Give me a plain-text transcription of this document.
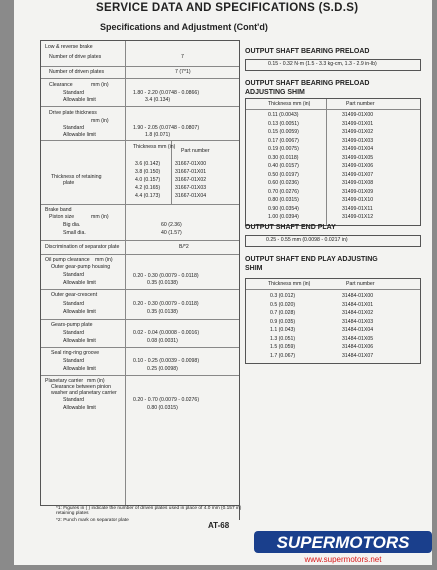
SERVICE DATA AND SPECIFICATIONS (S.D.S)
Specifications and Adjustment (Cont'd)
Low & reverse brake
Number of drive plates	7
Number of driven plates	7 (7*1)
Clearance	mm (in)
Standard	1.80 - 2.20 (0.0748 - 0.0866)
Allowable limit	3.4 (0.134)
Drive plate thickness
mm (in)
Standard	1.90 - 2.05 (0.0748 - 0.0807)
Allowable limit	1.8 (0.071)
Thickness mm (in)
Part number
Thickness of retaining
plate
3.6 (0.142)	31667-01X00
3.8 (0.150)	31667-01X01
4.0 (0.157)	31667-01X02
4.2 (0.165)	31667-01X03
4.4 (0.173)	31667-01X04
Brake band
Piston size	mm (in)
Big dia.	60 (2.36)
Small dia.	40 (1.57)
Discrimination of separator plate	B/*2
Oil pump clearance mm (in)
Outer gear-pump housing
Standard	0.20 - 0.30 (0.0079 - 0.0118)
Allowable limit	0.35 (0.0138)
Outer gear-crescent
Standard	0.20 - 0.30 (0.0079 - 0.0118)
Allowable limit	0.35 (0.0138)
Gears-pump plate
Standard	0.02 - 0.04 (0.0008 - 0.0016)
Allowable limit	0.08 (0.0031)
Seal ring-ring groove
Standard	0.10 - 0.25 (0.0039 - 0.0098)
Allowable limit	0.25 (0.0098)
Planetary carrier mm (in)
Clearance between pinion
washer and planetary carrier
Standard	0.20 - 0.70 (0.0079 - 0.0276)
Allowable limit	0.80 (0.0315)
OUTPUT SHAFT BEARING PRELOAD
0.15 - 0.32 N·m (1.5 - 3.3 kg-cm, 1.3 - 2.9 in-lb)
OUTPUT SHAFT BEARING PRELOAD
ADJUSTING SHIM
Thickness mm (in)	Part number
0.11 (0.0043)	31499-01X00
0.13 (0.0051)	31499-01X01
0.15 (0.0059)	31499-01X02
0.17 (0.0067)	31499-01X03
0.19 (0.0075)	31499-01X04
0.30 (0.0118)	31499-01X05
0.40 (0.0157)	31499-01X06
0.50 (0.0197)	31499-01X07
0.60 (0.0236)	31499-01X08
0.70 (0.0276)	31499-01X09
0.80 (0.0315)	31499-01X10
0.90 (0.0354)	31499-01X11
1.00 (0.0394)	31499-01X12
OUTPUT SHAFT END PLAY
0.25 - 0.55 mm (0.0098 - 0.0217 in)
OUTPUT SHAFT END PLAY ADJUSTING
SHIM
Thickness mm (in)	Part number
0.3 (0.012)	31484-01X00
0.5 (0.020)	31484-01X01
0.7 (0.028)	31484-01X02
0.9 (0.035)	31484-01X03
1.1 (0.043)	31484-01X04
1.3 (0.051)	31484-01X05
1.5 (0.059)	31484-01X06
1.7 (0.067)	31484-01X07
*1: Figures in ( ) indicate the number of driven plates used in place of 4.0 mm (0.157 in) retaining plates
*2: Punch mark on separator plate
AT-68
SUPERMOTORS
www.supermotors.net
